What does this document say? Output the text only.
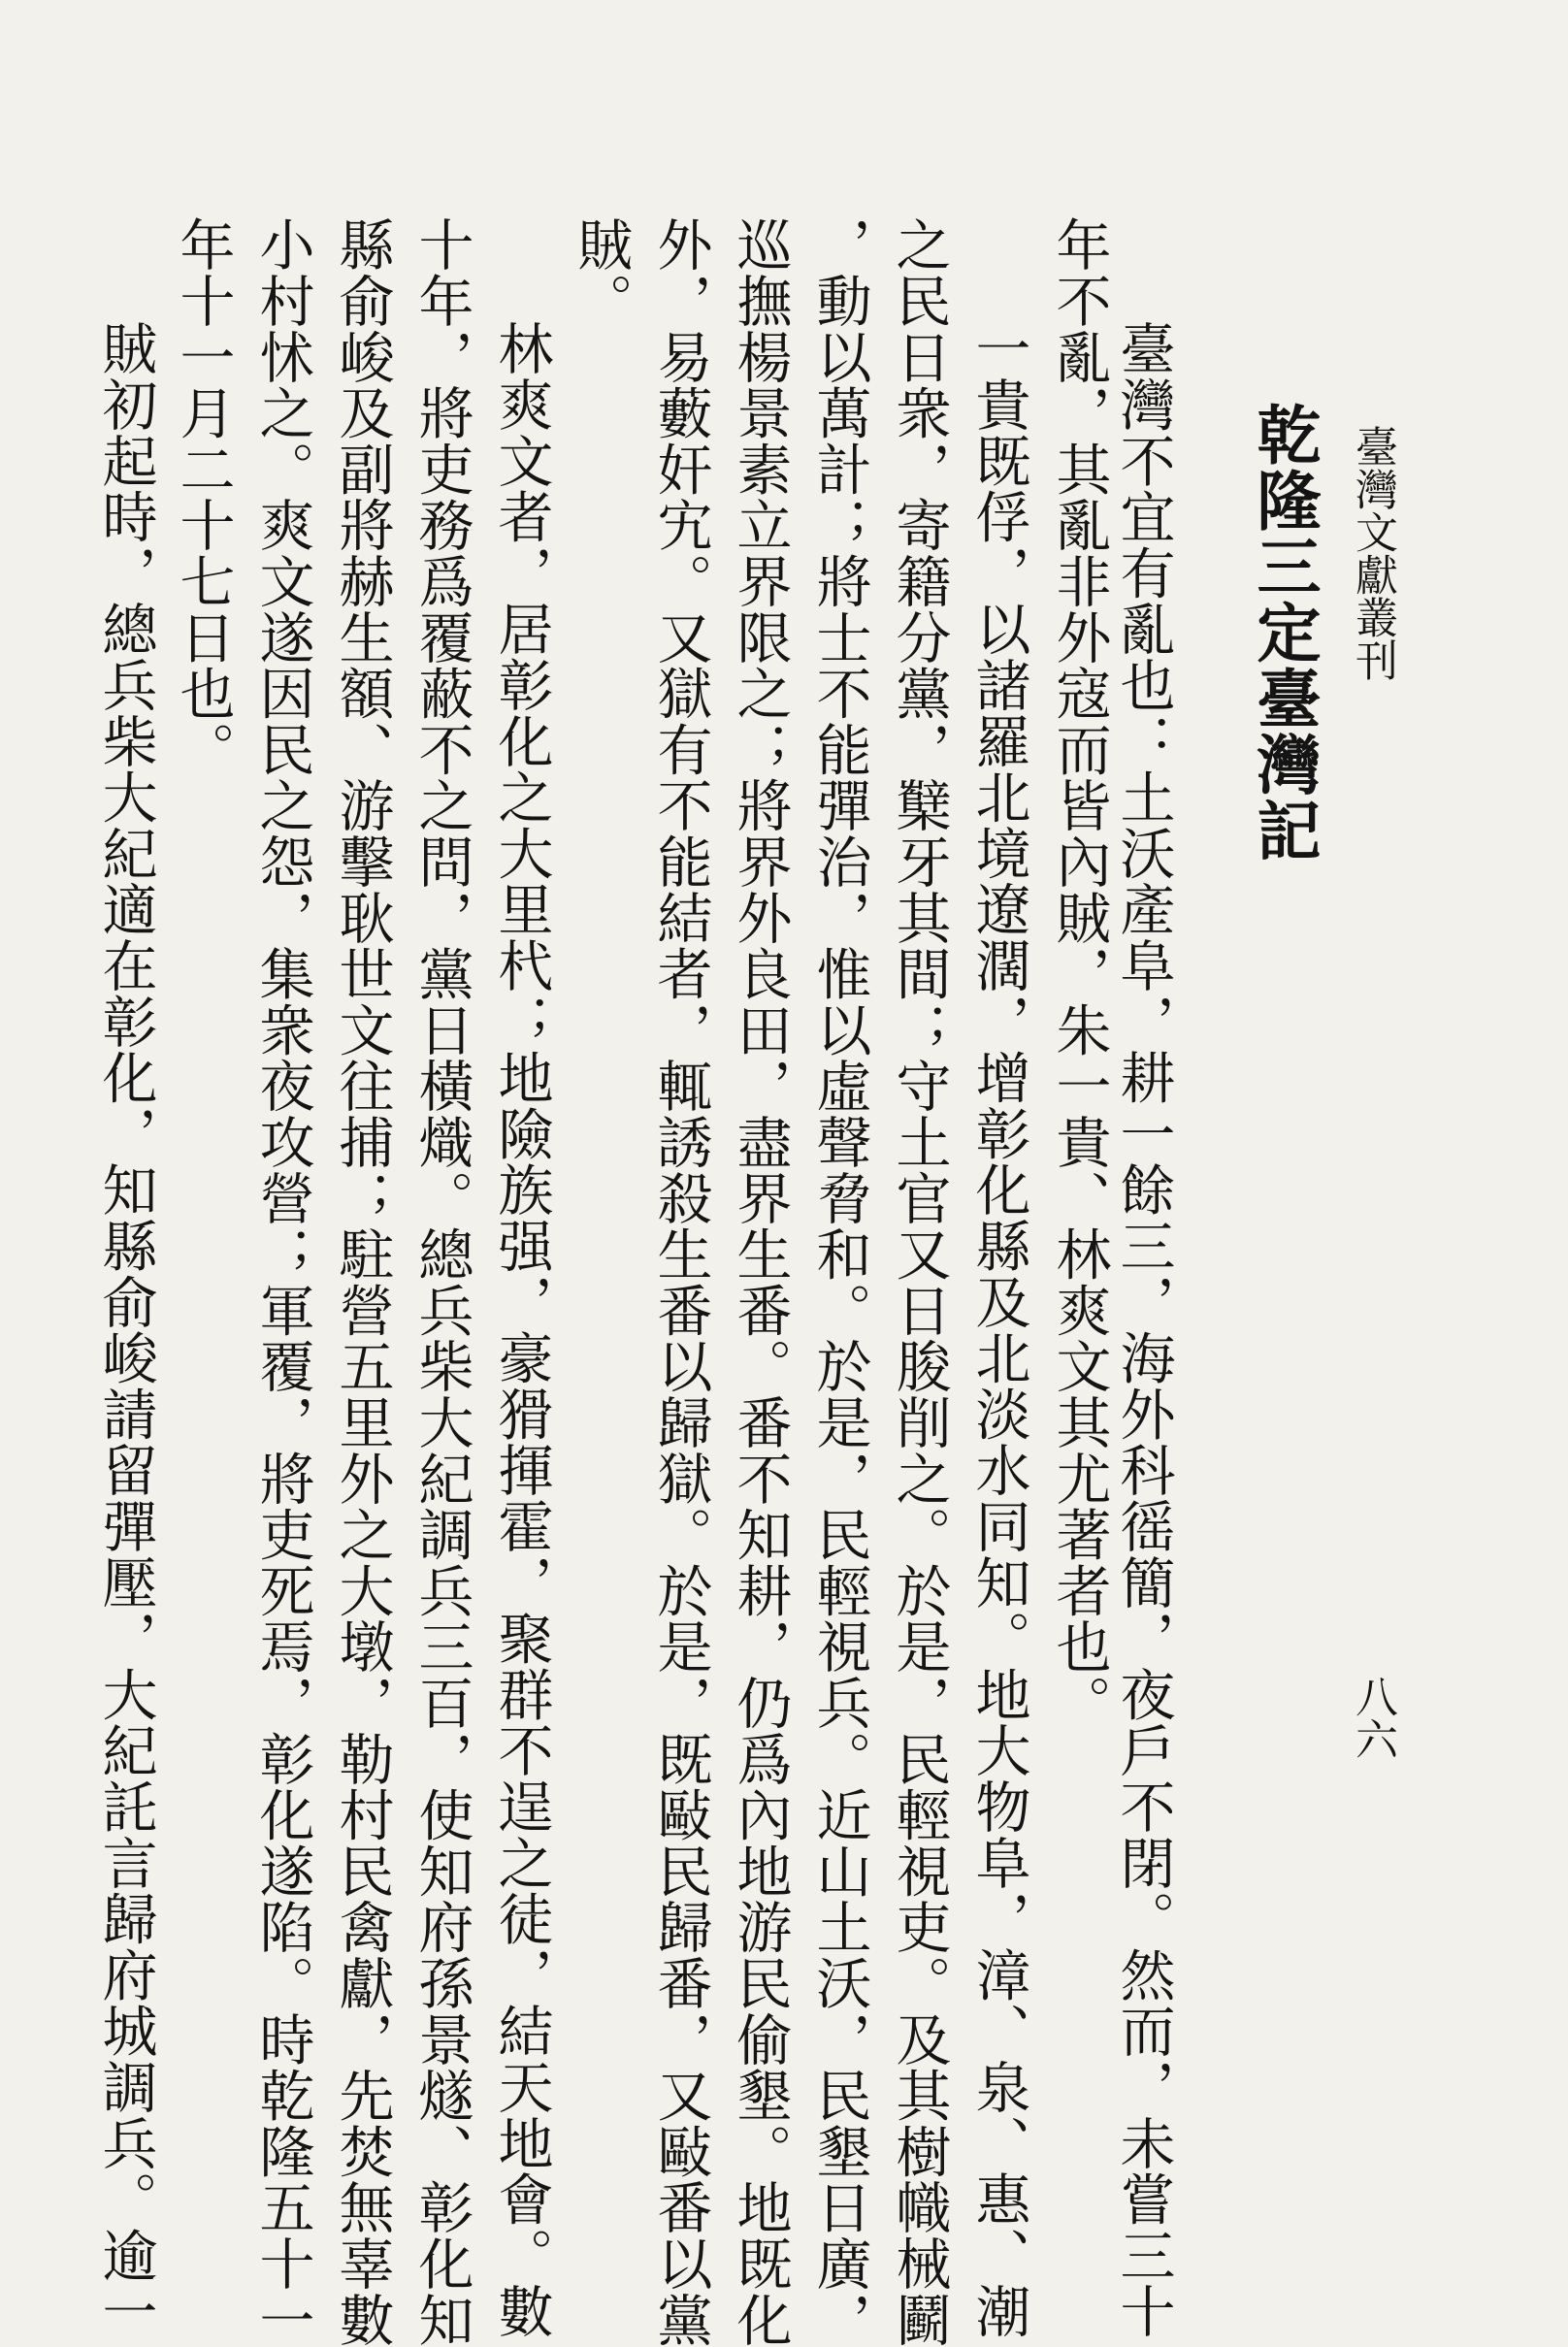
臺灣文獻叢刊
八六
乾隆三定臺灣記
臺灣不宜有亂也：土沃產阜，耕一餘三，海外科徭簡，夜戶不閉。然而，未嘗三十
年不亂，其亂非外寇而皆內賊，朱一貴、林爽文其尤著者也。
一貴既俘，以諸羅北境遼濶，增彰化縣及北淡水同知。地大物阜，漳、泉、惠、潮
之民日衆，寄籍分黨，櫱牙其間；守土官又日朘削之。於是，民輕視吏。及其樹幟械鬬
，動以萬計；將士不能彈治，惟以虛聲脅和。於是，民輕視兵。近山土沃，民墾日廣，
巡撫楊景素立界限之；將界外良田，盡界生番。番不知耕，仍爲內地游民偷墾。地既化
外，易藪奸宄。又獄有不能結者，輒誘殺生番以歸獄。於是，既敺民歸番，又敺番以黨
賊。
林爽文者，居彰化之大里杙；地險族强，豪猾揮霍，聚群不逞之徒，結天地會。數
十年，將吏務爲覆蔽不之問，黨日橫熾。總兵柴大紀調兵三百，使知府孫景燧、彰化知
縣俞峻及副將赫生額、游擊耿世文往捕；駐營五里外之大墩，勒村民禽獻，先焚無辜數
小村怵之。爽文遂因民之怨，集衆夜攻營；軍覆，將吏死焉，彰化遂陷。時乾隆五十一
年十一月二十七日也。
賊初起時，總兵柴大紀適在彰化，知縣俞峻請留彈壓，大紀託言歸府城調兵。逾一
